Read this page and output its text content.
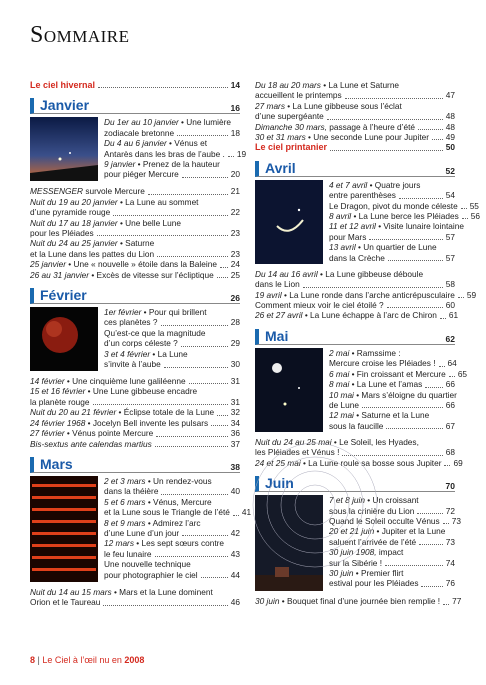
Sommaire
Le ciel hivernal	14
Janvier	16
Du 1er au 10 janvier • Une lumière
zodiacale bretonne	18
Du 4 au 6 janvier • Vénus et
Antarès dans les bras de l’aube . 19
9 janvier • Prenez de la hauteur
pour piéger Mercure	20
MESSENGER survole Mercure	21
Nuit du 19 au 20 janvier • La Lune au sommet
d’une pyramide rouge	22
Nuit du 17 au 18 janvier • Une belle Lune
pour les Pléiades	23
Nuit du 24 au 25 janvier • Saturne
et la Lune dans les pattes du Lion	23
25 janvier • Une « nouvelle » étoile dans la Baleine 24
26 au 31 janvier • Excès de vitesse sur l’écliptique 25
Février	26
1er février • Pour qui brillent
ces planètes ?	28
Qu’est-ce que la magnitude
d’un corps céleste ?	29
3 et 4 février • La Lune
s’invite à l’aube	30
14 février • Une cinquième lune galiléenne	31
15 et 16 février • Une Lune gibbeuse encadre
la planète rouge	31
Nuit du 20 au 21 février • Éclipse totale de la Lune 32
24 février 1968 • Jocelyn Bell invente les pulsars	34
27 février • Vénus pointe Mercure	36
Bis-sextus ante calendas martius	37
Mars	38
2 et 3 mars • Un rendez-vous
dans la théière	40
5 et 6 mars • Vénus, Mercure
et la Lune sous le Triangle de l’été 41
8 et 9 mars • Admirez l’arc
d’une Lune d’un jour	42
12 mars • Les sept sœurs contre
le feu lunaire	43
Une nouvelle technique
pour photographier le ciel	44
Nuit du 14 au 15 mars • Mars et la Lune dominent
Orion et le Taureau	46
Du 18 au 20 mars • La Lune et Saturne
accueillent le printemps	47
27 mars • La Lune gibbeuse sous l’éclat
d’une supergéante	48
Dimanche 30 mars, passage à l’heure d’été	48
30 et 31 mars • Une seconde Lune pour Jupiter 49
Le ciel printanier	50
Avril	52
4 et 7 avril • Quatre jours
entre parenthèses	54
Le Dragon, pivot du monde céleste 55
8 avril • La Lune berce les Pléiades 56
11 et 12 avril • Visite lunaire lointaine
pour Mars	57
13 avril • Un quartier de Lune
dans la Crèche	57
Du 14 au 16 avril • La Lune gibbeuse déboule
dans le Lion	58
19 avril • La Lune ronde dans l’arche anticrépusculaire 59
Comment mieux voir le ciel étoilé ?	60
26 et 27 avril • La Lune échappe à l’arc de Chiron 61
Mai	62
2 mai • Ramssime :
Mercure croise les Pléiades ! 64
6 mai • Fin croissant et Mercure 65
8 mai • La Lune et l’amas	66
10 mai • Mars s’éloigne du quartier
de Lune	66
12 mai • Saturne et la Lune
sous la faucille	67
Nuit du 24 au 25 mai • Le Soleil, les Hyades,
les Pléiades et Vénus !	68
24 et 25 mai • La Lune roule sa bosse sous Jupiter 69
Juin	70
7 et 8 juin • Un croissant
sous la crinière du Lion	72
Quand le Soleil occulte Vénus 73
20 et 21 juin • Jupiter et la Lune
saluent l’arrivée de l’été	73
30 juin 1908, impact
sur la Sibérie !	74
30 juin • Premier flirt
estival pour les Pléiades	76
30 juin • Bouquet final d’une journée bien remplie ! 77
8 | Le Ciel à l’œil nu en 2008
